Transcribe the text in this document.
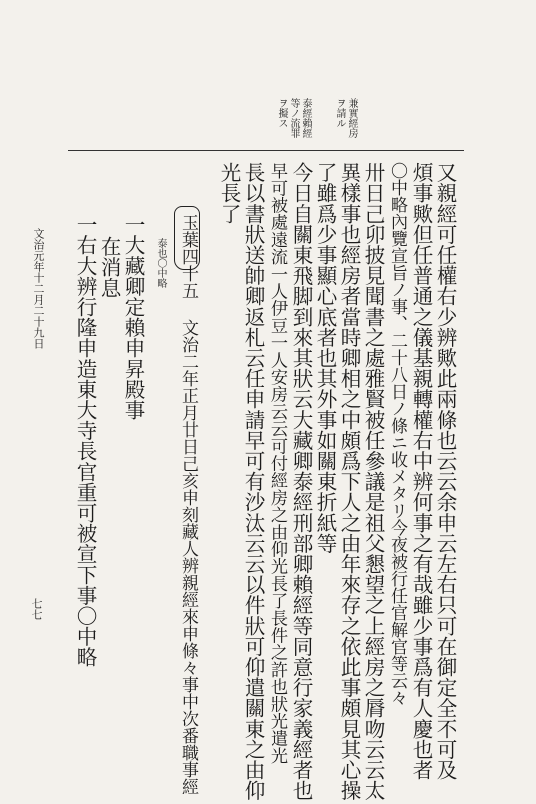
兼實經房
ヲ請ル
泰經賴經
等ノ流罪
ヲ擬ス
又親經可任權右少辨歟此兩條也云云余申云左右只可在御定全不可及
煩事歟但任普通之儀基親轉權右中辨何事之有哉雖少事爲有人慶也者
〇中略內覽宣旨ノ事、二十八日ノ條ニ收メタリ今夜被行任官解官等云々
卅日己卯披見聞書之處雅賢被任參議是祖父懇望之上經房之脣吻云云太
異樣事也經房者當時卿相之中頗爲下人之由年來存之依此事頗見其心操
了雖爲少事顯心底者也其外事如關東折紙等
今日自關東飛脚到來其狀云大藏卿泰經刑部卿賴經等同意行家義經者也
早可被處遠流一人伊豆一人安房云云可付經房之由仰光長了長件之許也狀光遣光
長以書狀送帥卿返札云任申請早可有沙汰云云以件狀可仰遣關東之由仰
光長了
玉葉四十五 文治二年正月廿日己亥申刻藏人辨親經來申條々事中次番職事經
泰也〇中略
一大藏卿定賴申昇殿事
在消息
一右大辨行隆申造東大寺長官重可被宣下事〇中略
文治元年十二月二十九日
七七
